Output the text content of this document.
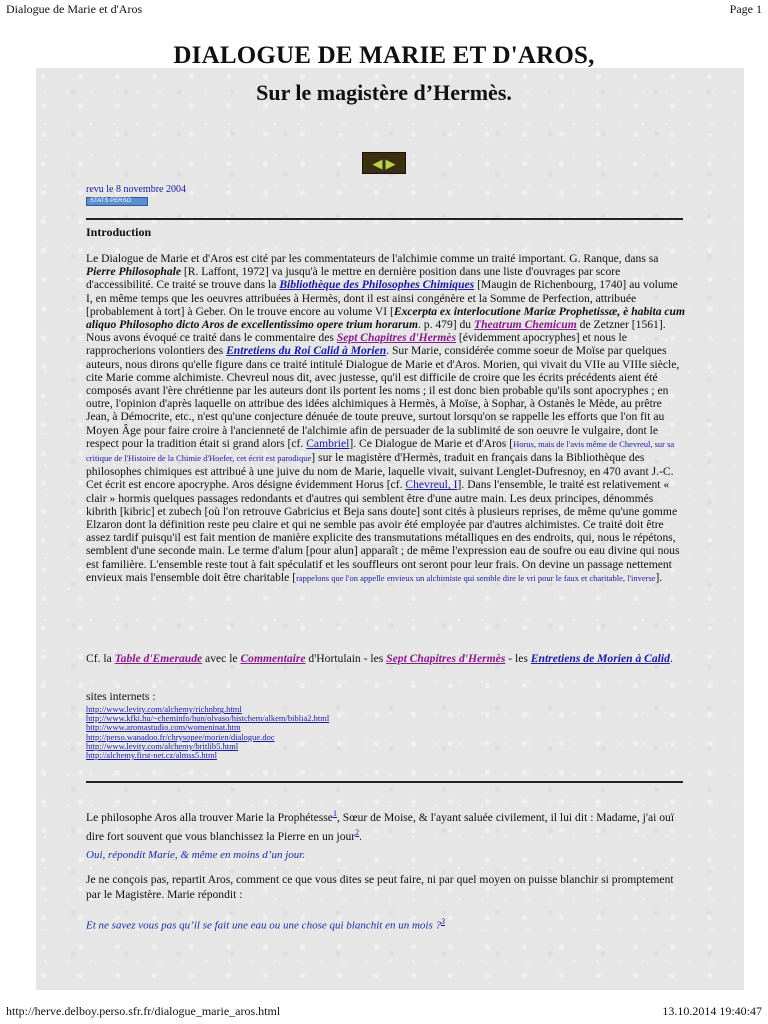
Dialogue de Marie et d'Aros	Page 1
DIALOGUE DE MARIE ET D'AROS,
Sur le magistère d’Hermès.
◀ ▶
revu le 8 novembre 2004
STATS PERSO
Introduction
Le Dialogue de Marie et d'Aros est cité par les commentateurs de l'alchimie comme un traité important. G. Ranque, dans sa Pierre Philosophale [R. Laffont, 1972] va jusqu'à le mettre en dernière position dans une liste d'ouvrages par score d'accessibilité. Ce traité se trouve dans la Bibliothèque des Philosophes Chimiques [Maugin de Richenbourg, 1740] au volume I, en même temps que les oeuvres attribuées à Hermès, dont il est ainsi congénère et la Somme de Perfection, attribuée [probablement à tort] à Geber. On le trouve encore au volume VI [Excerpta ex interlocutione Mariæ Prophetissæ, è habita cum aliquo Philosopho dicto Aros de excellentissimo opere trium horarum. p. 479] du Theatrum Chemicum de Zetzner [1561]. Nous avons évoqué ce traité dans le commentaire des Sept Chapitres d'Hermès [évidemment apocryphes] et nous le rapprocherions volontiers des Entretiens du Roi Calid à Morien. Sur Marie, considérée comme soeur de Moïse par quelques auteurs, nous dirons qu'elle figure dans ce traité intitulé Dialogue de Marie et d'Aros. Morien, qui vivait du VIIe au VIIIe siècle, cite Marie comme alchimiste. Chevreul nous dit, avec justesse, qu'il est difficile de croire que les écrits précédents aient été composés avant l'ère chrétienne par les auteurs dont ils portent les noms ; il est donc bien probable qu'ils sont apocryphes ; en outre, l'opinion d'après laquelle on attribue des idées alchimiques à Hermès, à Moïse, à Sophar, à Ostanès le Mède, au prêtre Jean, à Démocrite, etc., n'est qu'une conjecture dénuée de toute preuve, surtout lorsqu'on se rappelle les efforts que l'on fit au Moyen Âge pour faire croire à l'ancienneté de l'alchimie afin de persuader de la sublimité de son oeuvre le vulgaire, dont le respect pour la tradition était si grand alors [cf. Cambriel]. Ce Dialogue de Marie et d'Aros [Horus, mais de l'avis même de Chevreul, sur sa critique de l'Histoire de la Chimie d'Hoefer, cet écrit est parodique] sur le magistère d'Hermès, traduit en français dans la Bibliothèque des philosophes chimiques est attribué à une juive du nom de Marie, laquelle vivait, suivant Lenglet-Dufresnoy, en 470 avant J.-C. Cet écrit est encore apocryphe. Aros désigne évidemment Horus [cf. Chevreul, I]. Dans l'ensemble, le traité est relativement « clair » hormis quelques passages redondants et d'autres qui semblent être d'une autre main. Les deux principes, dénommés kibrith [kibric] et zubech [où l'on retrouve Gabricius et Beja sans doute] sont cités à plusieurs reprises, de même qu'une gomme Elzaron dont la définition reste peu claire et qui ne semble pas avoir été employée par d'autres alchimistes. Ce traité doit être assez tardif puisqu'il est fait mention de manière explicite des transmutations métalliques en des endroits, qui, nous le répétons, semblent d'une seconde main. Le terme d'alum [pour alun] apparaît ; de même l'expression eau de soufre ou eau divine qui nous est familière. L'ensemble reste tout à fait spéculatif et les souffleurs ont seront pour leur frais. On devine un passage nettement envieux mais l'ensemble doit être charitable [rappelons que l'on appelle envieux un alchimiste qui semble dire le vri pour le faux et charitable, l'inverse].
Cf. la Table d'Emeraude avec le Commentaire d'Hortulain - les Sept Chapitres d'Hermès - les Entretiens de Morien à Calid.
sites internets :
http://www.levity.com/alchemy/richnbrg.html
http://www.kfki.hu/~cheminfo/hun/olvaso/histchem/alkem/biblia2.html
http://www.aromastudio.com/womeninat.htm
http://perso.wanadoo.fr/chrysopee/morien/dialogue.doc
http://www.levity.com/alchemy/britlib5.html
http://alchemy.first-net.cz/almss5.html
Le philosophe Aros alla trouver Marie la Prophétesse$^1$, Sœur de Moise, & l'ayant saluée civilement, il lui dit : Madame, j'ai ouï dire fort souvent que vous blanchissez la Pierre en un jour$^2$.
Oui, répondit Marie, & même en moins d’un jour.
Je ne conçois pas, repartit Aros, comment ce que vous dites se peut faire, ni par quel moyen on puisse blanchir si promptement par le Magistère. Marie répondit :
Et ne savez vous pas qu’il se fait une eau ou une chose qui blanchit en un mois ?$^3$
http://herve.delboy.perso.sfr.fr/dialogue_marie_aros.html	13.10.2014 19:40:47
